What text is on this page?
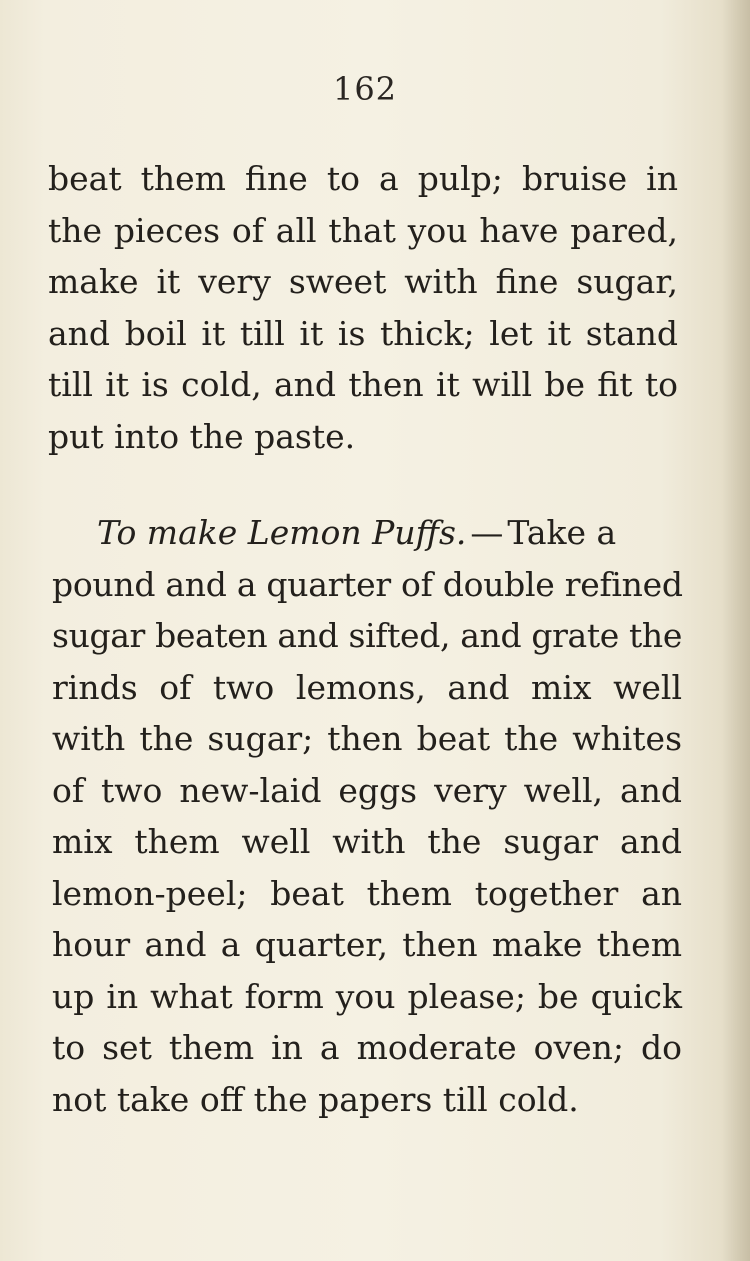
162
beat them fine to a pulp; bruise in
the pieces of all that you have pared,
make it very sweet with fine sugar,
and boil it till it is thick; let it stand
till it is cold, and then it will be fit to
put into the paste.
To make Lemon Puffs. — Take a
pound and a quarter of double refined
sugar beaten and sifted, and grate the
rinds of two lemons, and mix well
with the sugar; then beat the whites
of two new-laid eggs very well, and
mix them well with the sugar and
lemon-peel; beat them together an
hour and a quarter, then make them
up in what form you please; be quick
to set them in a moderate oven; do
not take off the papers till cold.
